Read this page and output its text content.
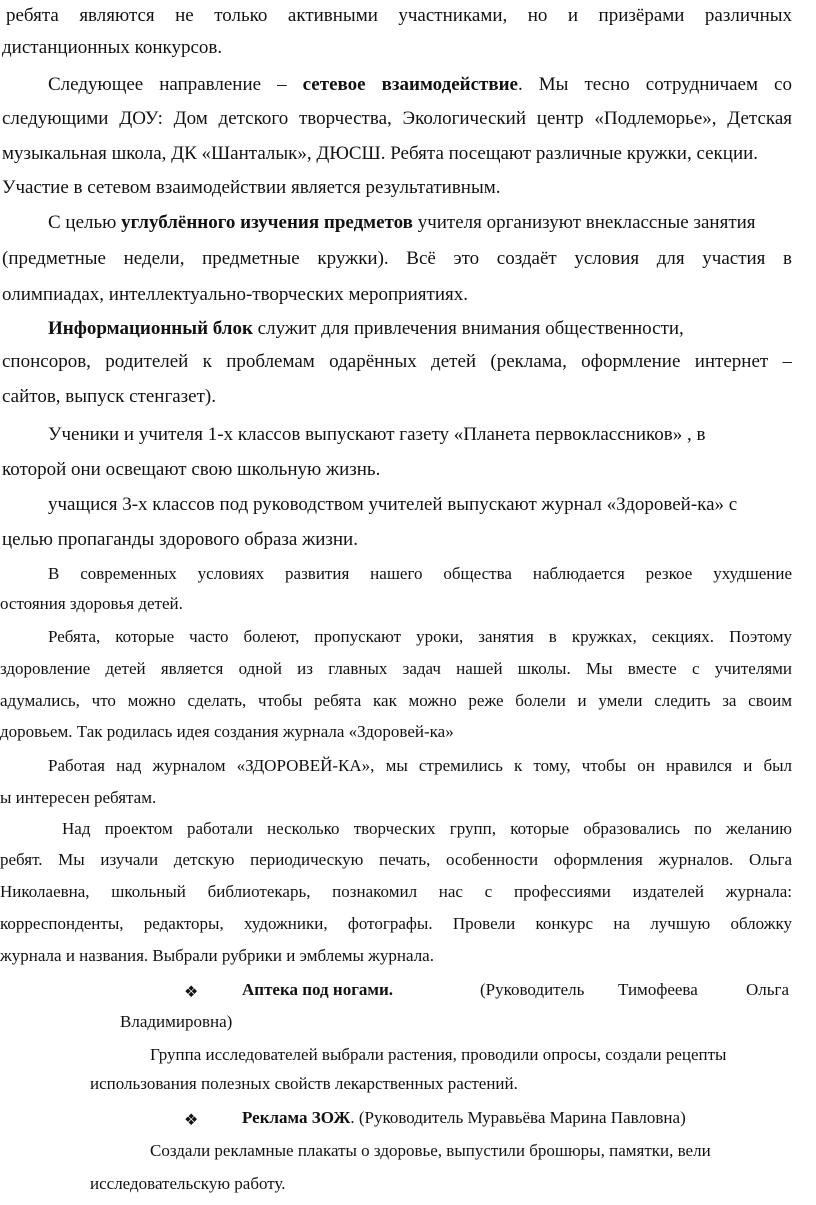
ребята являются не только активными участниками, но и призёрами различных

дистанционных конкурсов.

Следующее направление – сетевое взаимодействие. Мы тесно сотрудничаем со

следующими ДОУ: Дом детского творчества, Экологический центр «Подлеморье», Детская

музыкальная школа, ДК «Шанталык», ДЮСШ. Ребята посещают различные кружки, секции.

Участие в сетевом взаимодействии является результативным.

С целью углублённого изучения предметов учителя организуют внеклассные занятия

(предметные недели, предметные кружки). Всё это создаёт условия для участия в

олимпиадах, интеллектуально-творческих мероприятиях.

Информационный блок служит для привлечения внимания общественности,

спонсоров, родителей к проблемам одарённых детей (реклама, оформление интернет –

сайтов, выпуск стенгазет).

Ученики и учителя 1-х классов выпускают газету «Планета первоклассников» , в

которой они освещают свою школьную жизнь.

учащися 3-х классов под руководством учителей выпускают журнал «Здоровей-ка» с

целью пропаганды здорового образа жизни.

В современных условиях развития нашего общества наблюдается резкое ухудшение

остояния здоровья детей.

Ребята, которые часто болеют, пропускают уроки, занятия в кружках, секциях. Поэтому

здоровление детей является одной из главных задач нашей школы. Мы вместе с учителями

адумались, что можно сделать, чтобы ребята как можно реже болели и умели следить за своим

доровьем. Так родилась идея создания журнала «Здоровей-ка»

Работая над журналом «ЗДОРОВЕЙ-КА», мы стремились к тому, чтобы он нравился и был

ы интересен ребятам.

Над проектом работали несколько творческих групп, которые образовались по желанию

ребят. Мы изучали детскую периодическую печать, особенности оформления журналов. Ольга

Николаевна, школьный библиотекарь, познакомил нас с профессиями издателей журнала:

корреспонденты, редакторы, художники, фотографы. Провели конкурс на лучшую обложку

журнала и названия. Выбрали рубрики и эмблемы журнала.

❖	Аптека под ногами.	(Руководитель Тимофеева	Ольга

Владимировна)

Группа исследователей выбрали растения, проводили опросы, создали рецепты

использования полезных свойств лекарственных растений.

❖	Реклама ЗОЖ. (Руководитель Муравьёва Марина Павловна)

Создали рекламные плакаты о здоровье, выпустили брошюры, памятки, вели

исследовательскую работу.
